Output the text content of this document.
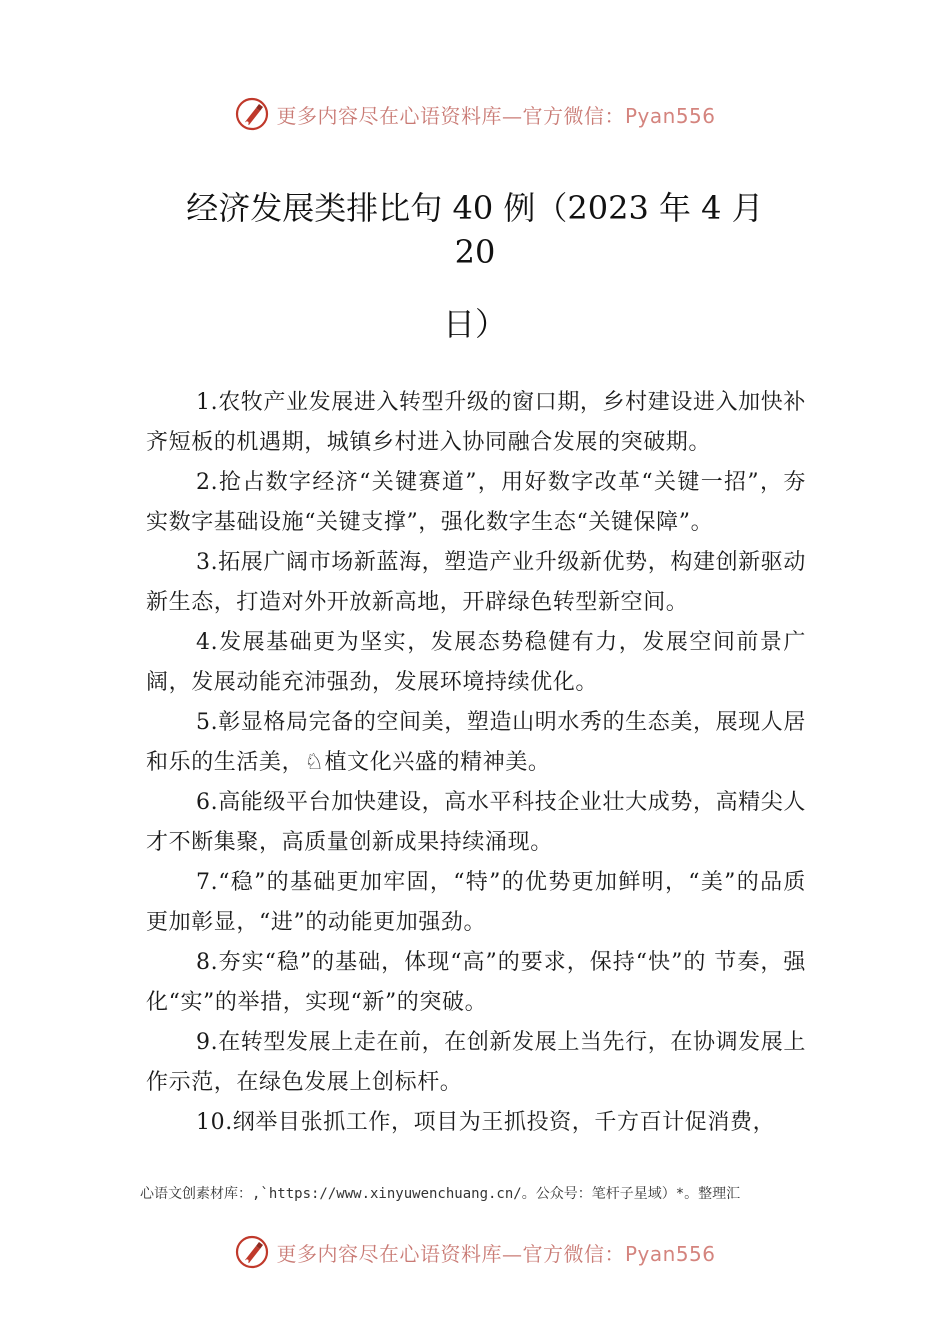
更多内容尽在心语资料库—官方微信：Pyan556
经济发展类排比句 40 例（2023 年 4 月
20
日）

1.农牧产业发展进入转型升级的窗口期，乡村建设进入加快补齐短板的机遇期，城镇乡村进入协同融合发展的突破期。

2.抢占数字经济“关键赛道”，用好数字改革“关键一招”，夯实数字基础设施“关键支撑”，强化数字生态“关键保障”。

3.拓展广阔市场新蓝海，塑造产业升级新优势，构建创新驱动新生态，打造对外开放新高地，开辟绿色转型新空间。

4.发展基础更为坚实，发展态势稳健有力，发展空间前景广阔，发展动能充沛强劲，发展环境持续优化。

5.彰显格局完备的空间美，塑造山明水秀的生态美，展现人居和乐的生活美，♘植文化兴盛的精神美。

6.高能级平台加快建设，高水平科技企业壮大成势，高精尖人才不断集聚，高质量创新成果持续涌现。

7.“稳”的基础更加牢固，“特”的优势更加鲜明，“美”的品质更加彰显，“进”的动能更加强劲。

8.夯实“稳”的基础，体现“高”的要求，保持“快”的 节奏，强化“实”的举措，实现“新”的突破。

9.在转型发展上走在前，在创新发展上当先行，在协调发展上作示范，在绿色发展上创标杆。

10.纲举目张抓工作，项目为王抓投资，千方百计促消费，

心语文创素材库：,`https://www.xinyuwenchuang.cn/。公众号：笔杆子星域）*。整理汇
更多内容尽在心语资料库—官方微信：Pyan556
